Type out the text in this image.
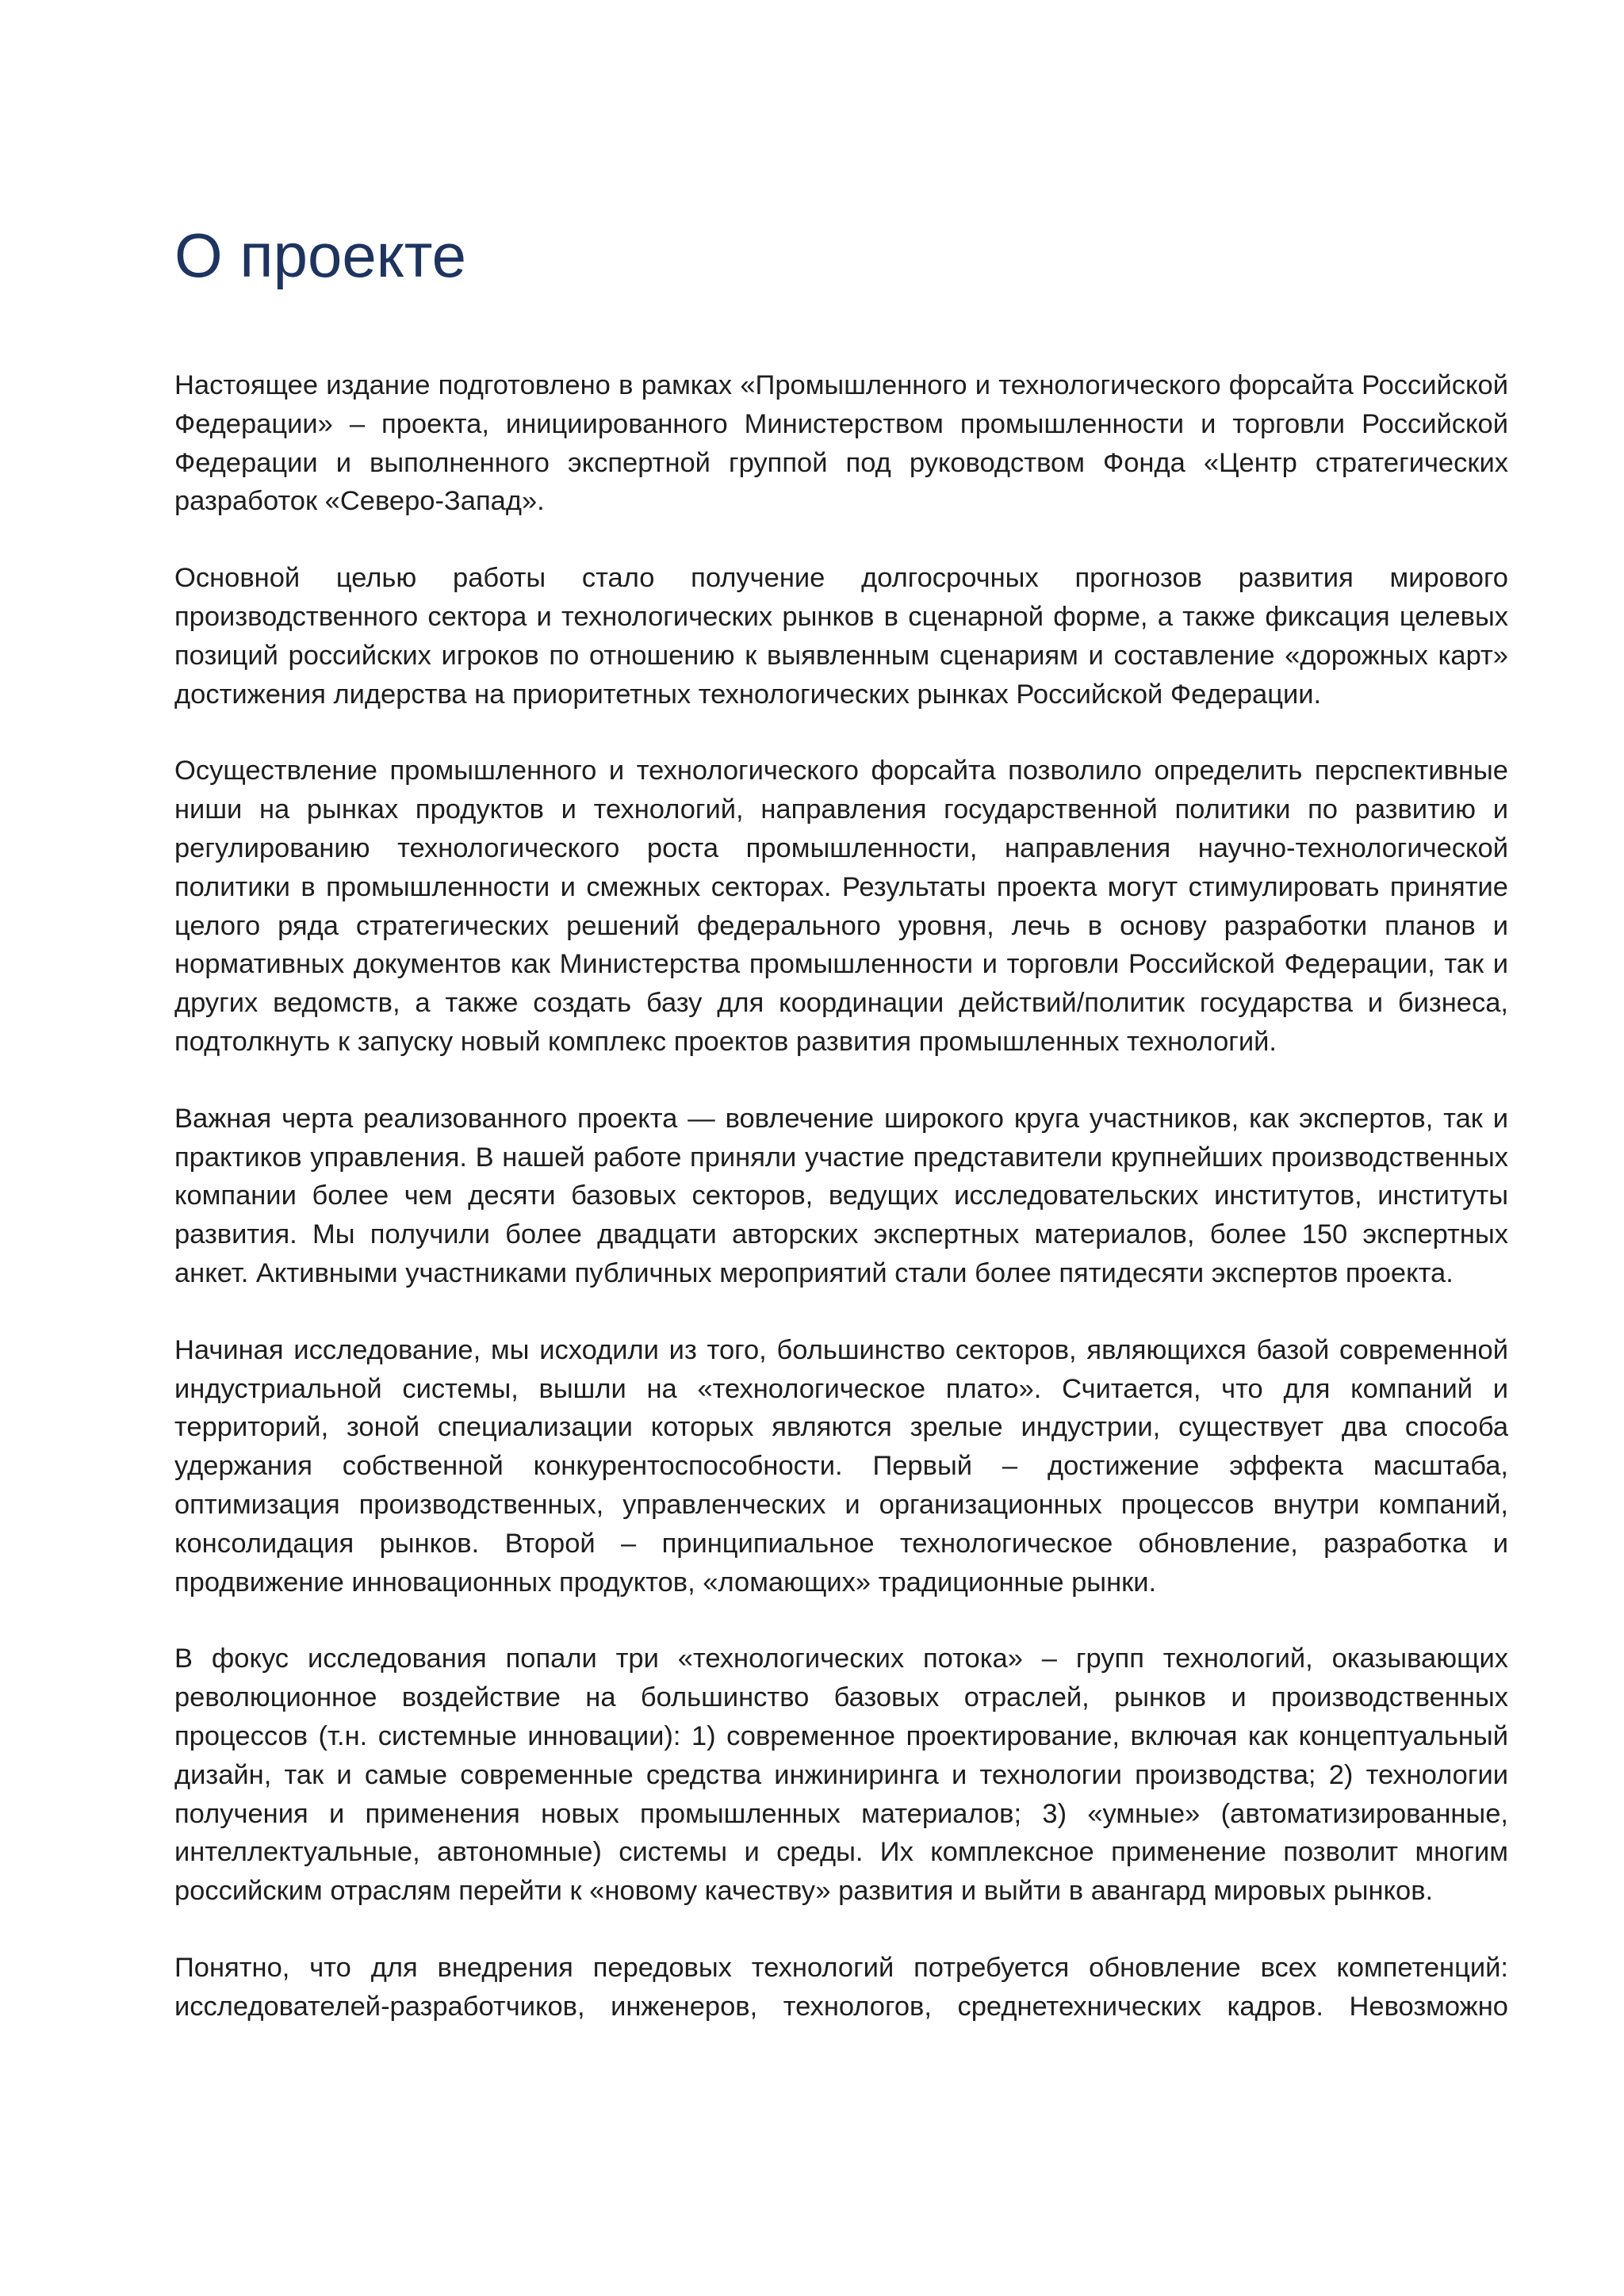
О проекте

Настоящее издание подготовлено в рамках «Промышленного и технологического форсайта Российской Федерации» ‒ проекта, инициированного Министерством промышленности и торговли Российской Федерации и выполненного экспертной группой под руководством Фонда «Центр стратегических разработок «Северо-Запад».

Основной целью работы стало получение долгосрочных прогнозов развития мирового производственного сектора и технологических рынков в сценарной форме, а также фиксация целевых позиций российских игроков по отношению к выявленным сценариям и составление «дорожных карт» достижения лидерства на приоритетных технологических рынках Российской Федерации.

Осуществление промышленного и технологического форсайта позволило определить перспективные ниши на рынках продуктов и технологий, направления государственной политики по развитию и регулированию технологического роста промышленности, направления научно-технологической политики в промышленности и смежных секторах. Результаты проекта могут стимулировать принятие целого ряда стратегических решений федерального уровня, лечь в основу разработки планов и нормативных документов как Министерства промышленности и торговли Российской Федерации, так и других ведомств, а также создать базу для координации действий/политик государства и бизнеса, подтолкнуть к запуску новый комплекс проектов развития промышленных технологий.

Важная черта реализованного проекта — вовлечение широкого круга участников, как экспертов, так и практиков управления. В нашей работе приняли участие представители крупнейших производственных компании более чем десяти базовых секторов, ведущих исследовательских институтов, институты развития. Мы получили более двадцати авторских экспертных материалов, более 150 экспертных анкет. Активными участниками публичных мероприятий стали более пятидесяти экспертов проекта.

Начиная исследование, мы исходили из того, большинство секторов, являющихся базой современной индустриальной системы, вышли на «технологическое плато». Считается, что для компаний и территорий, зоной специализации которых являются зрелые индустрии, существует два способа удержания собственной конкурентоспособности. Первый ‒ достижение эффекта масштаба, оптимизация производственных, управленческих и организационных процессов внутри компаний, консолидация рынков. Второй ‒ принципиальное технологическое обновление, разработка и продвижение инновационных продуктов, «ломающих» традиционные рынки.

В фокус исследования попали три «технологических потока» ‒ групп технологий, оказывающих революционное воздействие на большинство базовых отраслей, рынков и производственных процессов (т.н. системные инновации): 1) современное проектирование, включая как концептуальный дизайн, так и самые современные средства инжиниринга и технологии производства; 2) технологии получения и применения новых промышленных материалов; 3) «умные» (автоматизированные, интеллектуальные, автономные) системы и среды. Их комплексное применение позволит многим российским отраслям перейти к «новому качеству» развития и выйти в авангард мировых рынков.

Понятно, что для внедрения передовых технологий потребуется обновление всех компетенций: исследователей-разработчиков, инженеров, технологов, среднетехнических кадров. Невозможно
